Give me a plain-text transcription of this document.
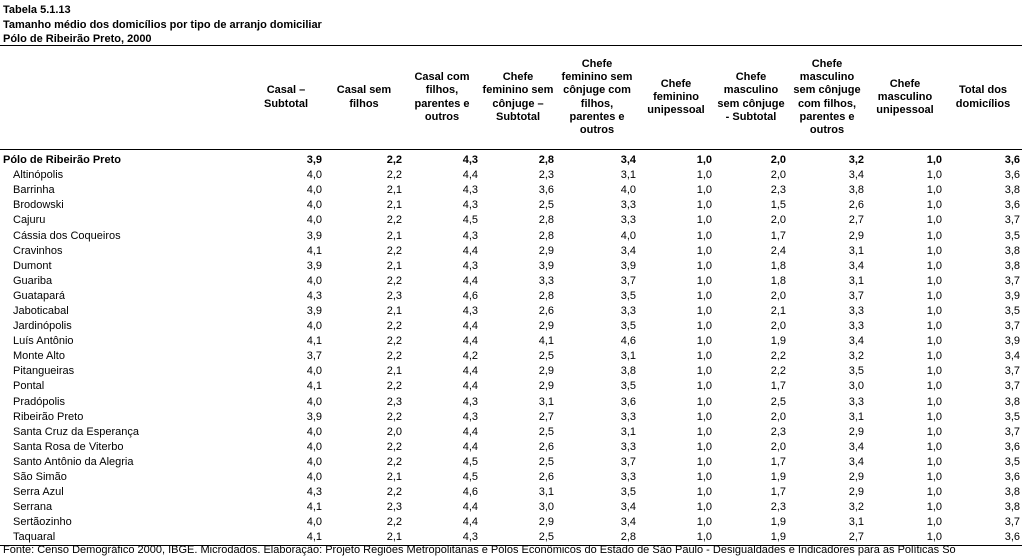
Tabela 5.1.13
Tamanho médio dos domicílios por tipo de arranjo domiciliar
Pólo de Ribeirão Preto, 2000
	Casal – Subtotal	Casal sem filhos	Casal com filhos, parentes e outros	Chefe feminino sem cônjuge – Subtotal	Chefe feminino sem cônjuge com filhos, parentes e outros	Chefe feminino unipessoal	Chefe masculino sem cônjuge - Subtotal	Chefe masculino sem cônjuge com filhos, parentes e outros	Chefe masculino unipessoal	Total dos domicílios
Pólo de Ribeirão Preto	3,9	2,2	4,3	2,8	3,4	1,0	2,0	3,2	1,0	3,6
Altinópolis	4,0	2,2	4,4	2,3	3,1	1,0	2,0	3,4	1,0	3,6
Barrinha	4,0	2,1	4,3	3,6	4,0	1,0	2,3	3,8	1,0	3,8
Brodowski	4,0	2,1	4,3	2,5	3,3	1,0	1,5	2,6	1,0	3,6
Cajuru	4,0	2,2	4,5	2,8	3,3	1,0	2,0	2,7	1,0	3,7
Cássia dos Coqueiros	3,9	2,1	4,3	2,8	4,0	1,0	1,7	2,9	1,0	3,5
Cravinhos	4,1	2,2	4,4	2,9	3,4	1,0	2,4	3,1	1,0	3,8
Dumont	3,9	2,1	4,3	3,9	3,9	1,0	1,8	3,4	1,0	3,8
Guariba	4,0	2,2	4,4	3,3	3,7	1,0	1,8	3,1	1,0	3,7
Guatapará	4,3	2,3	4,6	2,8	3,5	1,0	2,0	3,7	1,0	3,9
Jaboticabal	3,9	2,1	4,3	2,6	3,3	1,0	2,1	3,3	1,0	3,5
Jardinópolis	4,0	2,2	4,4	2,9	3,5	1,0	2,0	3,3	1,0	3,7
Luís Antônio	4,1	2,2	4,4	4,1	4,6	1,0	1,9	3,4	1,0	3,9
Monte Alto	3,7	2,2	4,2	2,5	3,1	1,0	2,2	3,2	1,0	3,4
Pitangueiras	4,0	2,1	4,4	2,9	3,8	1,0	2,2	3,5	1,0	3,7
Pontal	4,1	2,2	4,4	2,9	3,5	1,0	1,7	3,0	1,0	3,7
Pradópolis	4,0	2,3	4,3	3,1	3,6	1,0	2,5	3,3	1,0	3,8
Ribeirão Preto	3,9	2,2	4,3	2,7	3,3	1,0	2,0	3,1	1,0	3,5
Santa Cruz da Esperança	4,0	2,0	4,4	2,5	3,1	1,0	2,3	2,9	1,0	3,7
Santa Rosa de Viterbo	4,0	2,2	4,4	2,6	3,3	1,0	2,0	3,4	1,0	3,6
Santo Antônio da Alegria	4,0	2,2	4,5	2,5	3,7	1,0	1,7	3,4	1,0	3,5
São Simão	4,0	2,1	4,5	2,6	3,3	1,0	1,9	2,9	1,0	3,6
Serra Azul	4,3	2,2	4,6	3,1	3,5	1,0	1,7	2,9	1,0	3,8
Serrana	4,1	2,3	4,4	3,0	3,4	1,0	2,3	3,2	1,0	3,8
Sertãozinho	4,0	2,2	4,4	2,9	3,4	1,0	1,9	3,1	1,0	3,7
Taquaral	4,1	2,1	4,3	2,5	2,8	1,0	1,9	2,7	1,0	3,6
Fonte: Censo Demográfico 2000, IBGE. Microdados. Elaboração: Projeto Regiões Metropolitanas e Pólos Econômicos do Estado de São Paulo - Desigualdades e Indicadores para as Políticas So
